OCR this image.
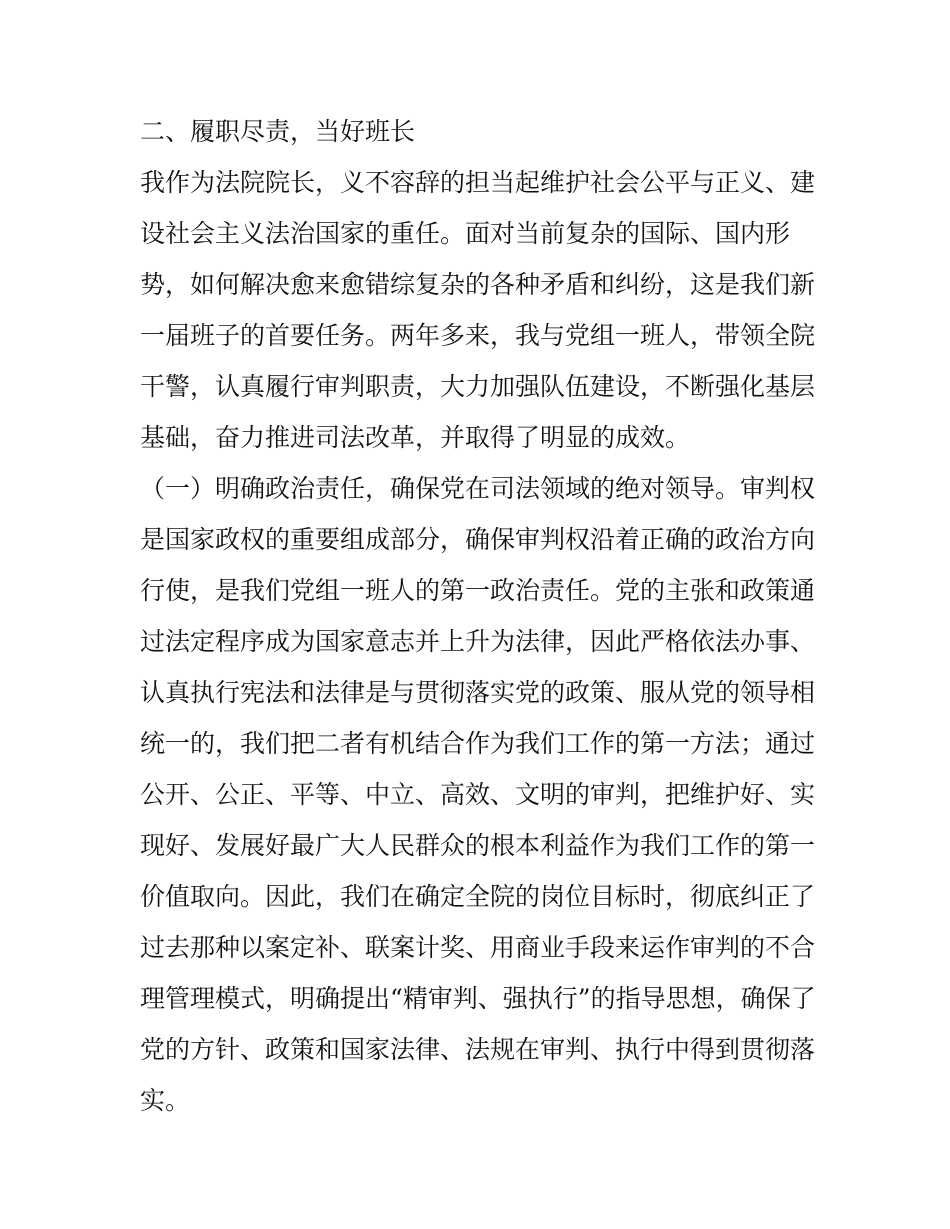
二、履职尽责，当好班长
我作为法院院长，义不容辞的担当起维护社会公平与正义、建
设社会主义法治国家的重任。面对当前复杂的国际、国内形
势，如何解决愈来愈错综复杂的各种矛盾和纠纷，这是我们新
一届班子的首要任务。两年多来，我与党组一班人，带领全院
干警，认真履行审判职责，大力加强队伍建设，不断强化基层
基础，奋力推进司法改革，并取得了明显的成效。
（一）明确政治责任，确保党在司法领域的绝对领导。审判权
是国家政权的重要组成部分，确保审判权沿着正确的政治方向
行使，是我们党组一班人的第一政治责任。党的主张和政策通
过法定程序成为国家意志并上升为法律，因此严格依法办事、
认真执行宪法和法律是与贯彻落实党的政策、服从党的领导相
统一的，我们把二者有机结合作为我们工作的第一方法；通过
公开、公正、平等、中立、高效、文明的审判，把维护好、实
现好、发展好最广大人民群众的根本利益作为我们工作的第一
价值取向。因此，我们在确定全院的岗位目标时，彻底纠正了
过去那种以案定补、联案计奖、用商业手段来运作审判的不合
理管理模式，明确提出“精审判、强执行”的指导思想，确保了
党的方针、政策和国家法律、法规在审判、执行中得到贯彻落
实。
